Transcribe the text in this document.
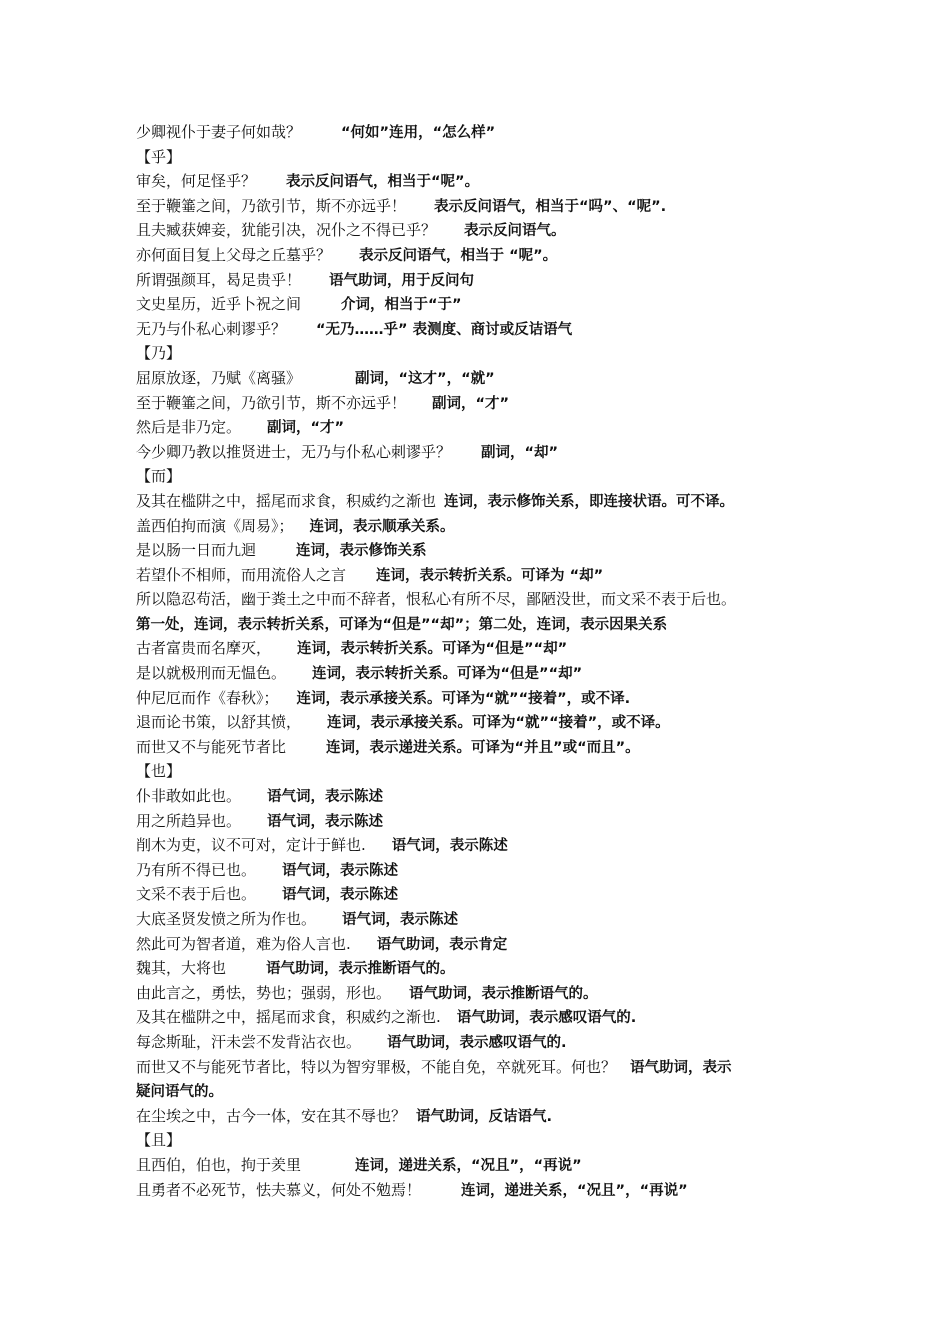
少卿视仆于妻子何如哉？	“何如”连用，“怎么样”
【乎】
审矣，何足怪乎？ 表示反问语气，相当于“呢”。
至于鞭箠之间，乃欲引节，斯不亦远乎！ 表示反问语气，相当于“吗”、“呢”.
且夫臧获婢妾，犹能引决，况仆之不得已乎？ 表示反问语气。
亦何面目复上父母之丘墓乎？ 表示反问语气，相当于 “呢”。
所谓强颜耳，曷足贵乎！ 语气助词，用于反问句
文史星历，近乎卜祝之间	介词，相当于“于”
无乃与仆私心刺谬乎？ “无乃……乎” 表测度、商讨或反诘语气
【乃】
屈原放逐，乃赋《离骚》	副词，“这才”，“就”
至于鞭箠之间，乃欲引节，斯不亦远乎！ 副词，“才”
然后是非乃定。 副词，“才”
今少卿乃教以推贤进士，无乃与仆私心刺谬乎？ 副词，“却”
【而】
及其在槛阱之中，摇尾而求食，积威约之渐也 连词，表示修饰关系，即连接状语。可不译。
盖西伯拘而演《周易》； 连词，表示顺承关系。
是以肠一日而九迴	连词，表示修饰关系
若望仆不相师，而用流俗人之言 连词，表示转折关系。可译为 “却”
所以隐忍苟活，幽于粪土之中而不辞者，恨私心有所不尽，鄙陋没世，而文采不表于后也。
第一处，连词，表示转折关系，可译为“但是”“却”；第二处，连词，表示因果关系
古者富贵而名摩灭， 连词，表示转折关系。可译为“但是”“却”
是以就极刑而无愠色。 连词，表示转折关系。可译为“但是”“却”
仲尼厄而作《春秋》； 连词，表示承接关系。可译为“就”“接着”，或不译.
退而论书策，以舒其愤， 连词，表示承接关系。可译为“就”“接着”，或不译。
而世又不与能死节者比	连词，表示递进关系。可译为“并且”或“而且”。
【也】
仆非敢如此也。 语气词，表示陈述
用之所趋异也。 语气词，表示陈述
削木为吏，议不可对，定计于鲜也. 语气词，表示陈述
乃有所不得已也。 语气词，表示陈述
文采不表于后也。 语气词，表示陈述
大底圣贤发愤之所为作也。 语气词，表示陈述
然此可为智者道，难为俗人言也. 语气助词，表示肯定
魏其，大将也	语气助词，表示推断语气的。
由此言之，勇怯，势也；强弱，形也。 语气助词，表示推断语气的。
及其在槛阱之中，摇尾而求食，积威约之渐也. 语气助词，表示感叹语气的.
每念斯耻，汗未尝不发背沾衣也。 语气助词，表示感叹语气的.
而世又不与能死节者比，特以为智穷罪极，不能自免，卒就死耳。何也？ 语气助词，表示
疑问语气的。
在尘埃之中，古今一体，安在其不辱也？ 语气助词，反诘语气.
【且】
且西伯，伯也，拘于羑里	连词，递进关系，“况且”，“再说”
且勇者不必死节，怯夫慕义，何处不勉焉！	连词，递进关系，“况且”，“再说”
